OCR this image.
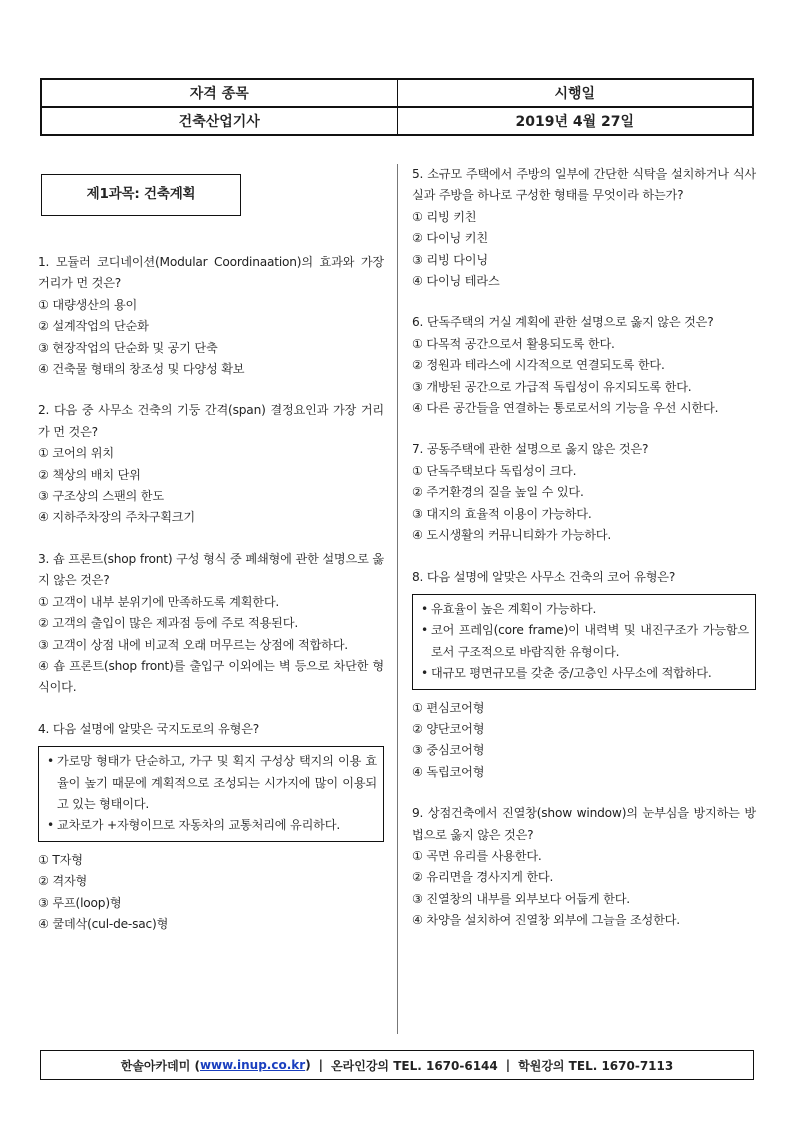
자격 종목	시행일
건축산업기사	2019년 4월 27일
제1과목: 건축계획
1. 모듈러 코디네이션(Modular Coordinaation)의 효과와 가장 거리가 먼 것은?
① 대량생산의 용이
② 설계작업의 단순화
③ 현장작업의 단순화 및 공기 단축
④ 건축물 형태의 창조성 및 다양성 확보
2. 다음 중 사무소 건축의 기둥 간격(span) 결정요인과 가장 거리가 먼 것은?
① 코어의 위치
② 책상의 배치 단위
③ 구조상의 스팬의 한도
④ 지하주차장의 주차구획크기
3. 숍 프론트(shop front) 구성 형식 중 폐쇄형에 관한 설명으로 옳지 않은 것은?
① 고객이 내부 분위기에 만족하도록 계획한다.
② 고객의 출입이 많은 제과점 등에 주로 적용된다.
③ 고객이 상점 내에 비교적 오래 머무르는 상점에 적합하다.
④ 숍 프론트(shop front)를 출입구 이외에는 벽 등으로 차단한 형식이다.
4. 다음 설명에 알맞은 국지도로의 유형은?
• 가로망 형태가 단순하고, 가구 및 획지 구성상 택지의 이용 효율이 높기 때문에 계획적으로 조성되는 시가지에 많이 이용되고 있는 형태이다.
• 교차로가 +자형이므로 자동차의 교통처리에 유리하다.
① T자형
② 격자형
③ 루프(loop)형
④ 쿨데삭(cul-de-sac)형
5. 소규모 주택에서 주방의 일부에 간단한 식탁을 설치하거나 식사실과 주방을 하나로 구성한 형태를 무엇이라 하는가?
① 리빙 키친
② 다이닝 키친
③ 리빙 다이닝
④ 다이닝 테라스
6. 단독주택의 거실 계획에 관한 설명으로 옳지 않은 것은?
① 다목적 공간으로서 활용되도록 한다.
② 정원과 테라스에 시각적으로 연결되도록 한다.
③ 개방된 공간으로 가급적 독립성이 유지되도록 한다.
④ 다른 공간들을 연결하는 통로로서의 기능을 우선 시한다.
7. 공동주택에 관한 설명으로 옳지 않은 것은?
① 단독주택보다 독립성이 크다.
② 주거환경의 질을 높일 수 있다.
③ 대지의 효율적 이용이 가능하다.
④ 도시생활의 커뮤니티화가 가능하다.
8. 다음 설명에 알맞은 사무소 건축의 코어 유형은?
• 유효율이 높은 계획이 가능하다.
• 코어 프레임(core frame)이 내력벽 및 내진구조가 가능함으로서 구조적으로 바람직한 유형이다.
• 대규모 평면규모를 갖춘 중/고층인 사무소에 적합하다.
① 편심코어형
② 양단코어형
③ 중심코어형
④ 독립코어형
9. 상점건축에서 진열창(show window)의 눈부심을 방지하는 방법으로 옳지 않은 것은?
① 곡면 유리를 사용한다.
② 유리면을 경사지게 한다.
③ 진열창의 내부를 외부보다 어둡게 한다.
④ 차양을 설치하여 진열창 외부에 그늘을 조성한다.
한솔아카데미 ( www.inup.co.kr ) | 온라인강의 TEL. 1670-6144 | 학원강의 TEL. 1670-7113
